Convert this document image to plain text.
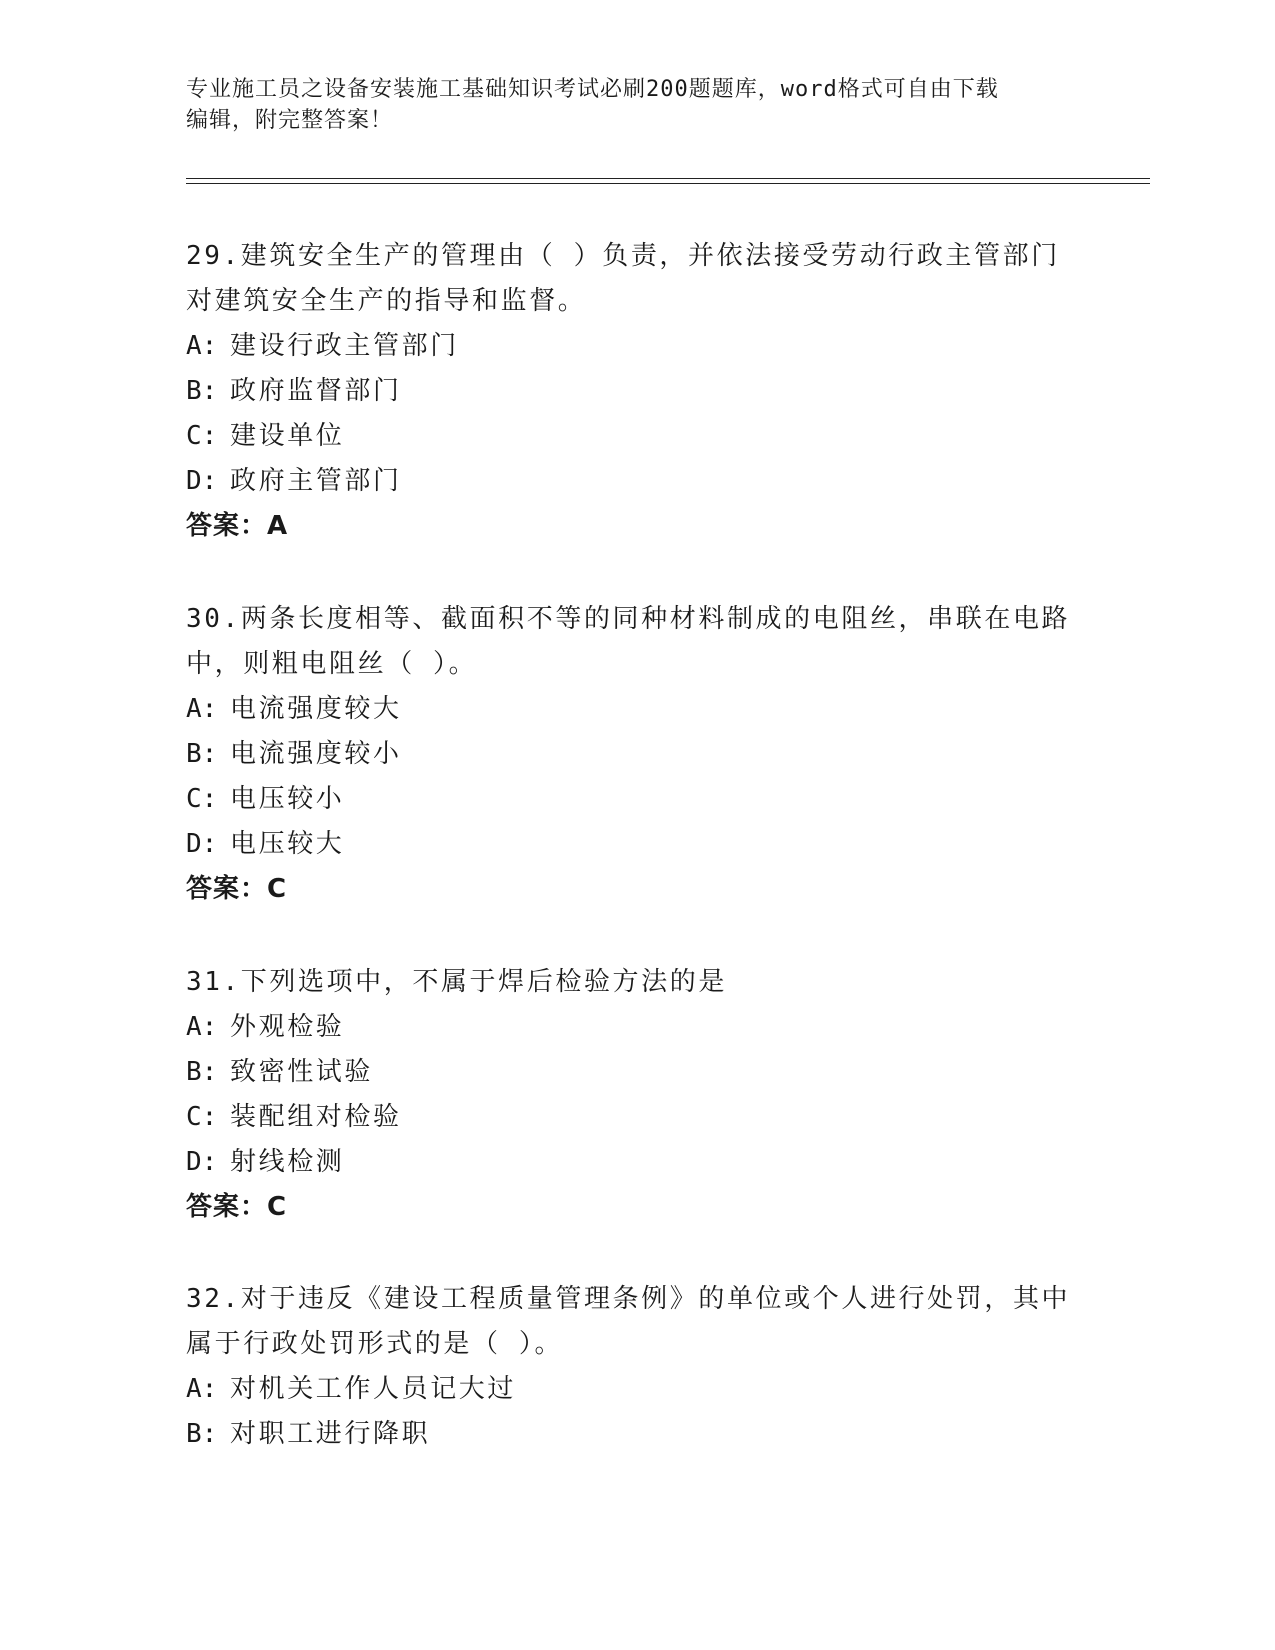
专业施工员之设备安装施工基础知识考试必刷200题题库，word格式可自由下载
编辑，附完整答案！

29.建筑安全生产的管理由（ ）负责，并依法接受劳动行政主管部门

对建筑安全生产的指导和监督。

A: 建设行政主管部门

B: 政府监督部门

C: 建设单位

D: 政府主管部门

答案：A

30.两条长度相等、截面积不等的同种材料制成的电阻丝，串联在电路

中，则粗电阻丝（ ）。

A: 电流强度较大

B: 电流强度较小

C: 电压较小

D: 电压较大

答案：C

31.下列选项中，不属于焊后检验方法的是

A: 外观检验

B: 致密性试验

C: 装配组对检验

D: 射线检测

答案：C

32.对于违反《建设工程质量管理条例》的单位或个人进行处罚，其中

属于行政处罚形式的是（ ）。

A: 对机关工作人员记大过

B: 对职工进行降职
